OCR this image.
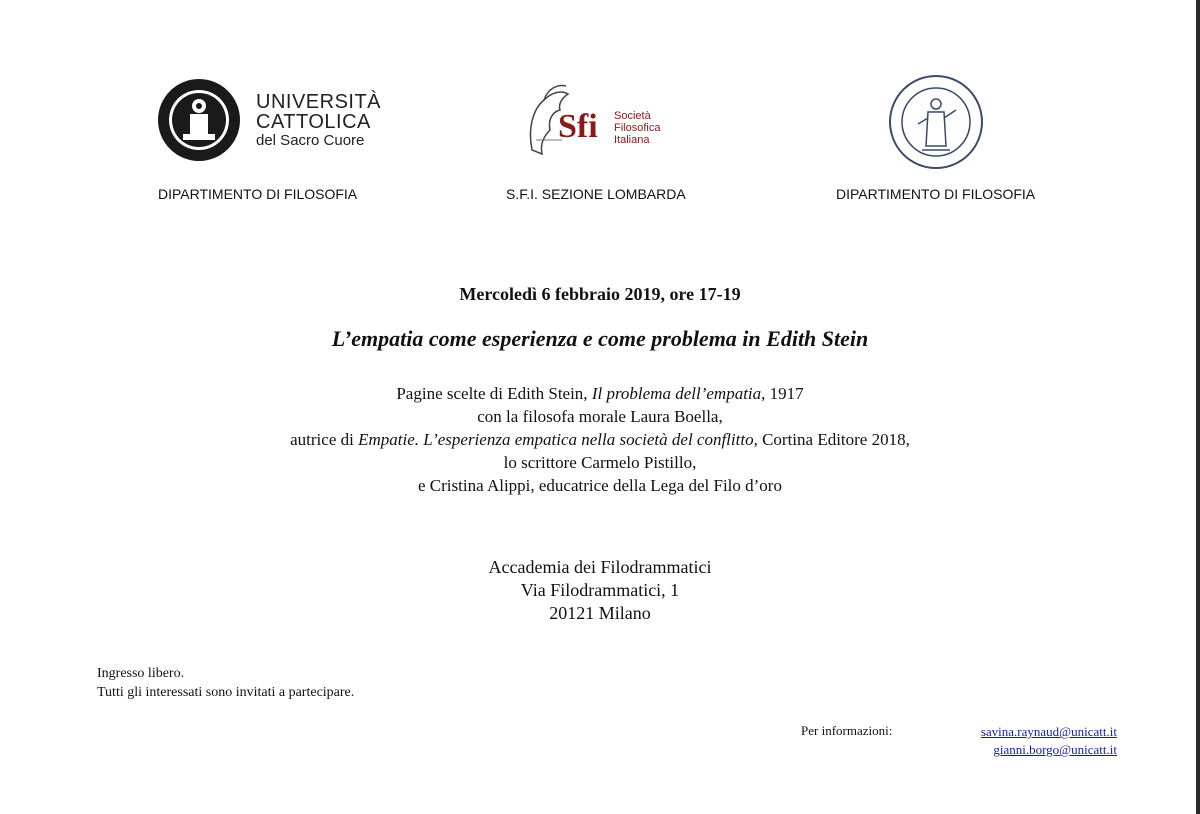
UNIVERSITÀ
CATTOLICA
del Sacro Cuore	Sfi Società
Filosofica
Italiana
DIPARTIMENTO DI FILOSOFIA	S.F.I. SEZIONE LOMBARDA	DIPARTIMENTO DI FILOSOFIA
Mercoledì 6 febbraio 2019, ore 17-19
L’empatia come esperienza e come problema in Edith Stein
Pagine scelte di Edith Stein, Il problema dell’empatia, 1917
con la filosofa morale Laura Boella,
autrice di Empatie. L’esperienza empatica nella società del conflitto, Cortina Editore 2018,
lo scrittore Carmelo Pistillo,
e Cristina Alippi, educatrice della Lega del Filo d’oro
Accademia dei Filodrammatici
Via Filodrammatici, 1
20121 Milano
Ingresso libero.
Tutti gli interessati sono invitati a partecipare.
Per informazioni:	savina.raynaud@unicatt.it
gianni.borgo@unicatt.it
